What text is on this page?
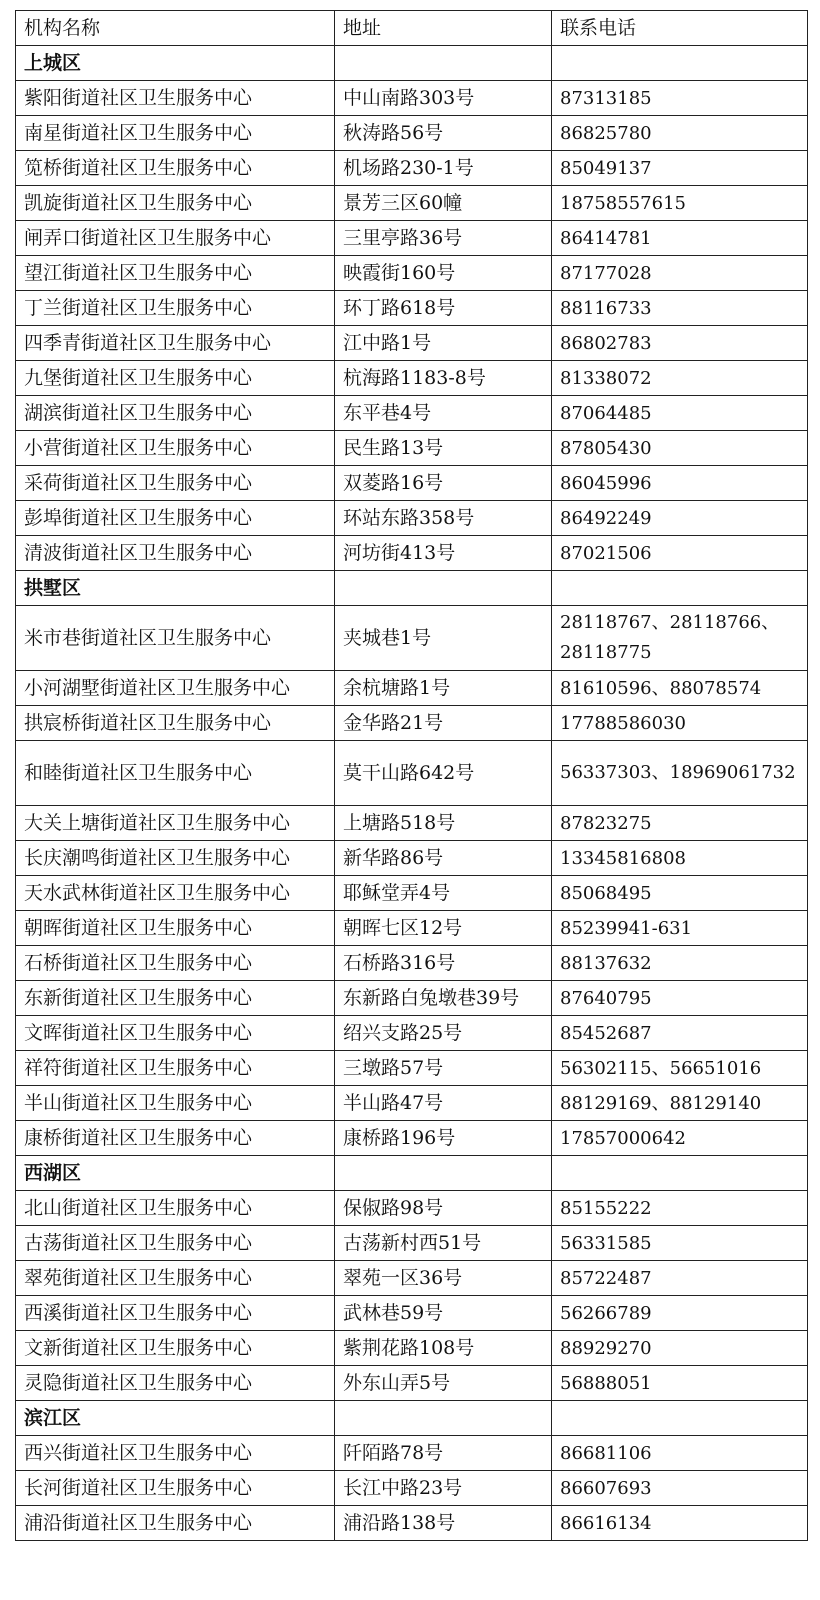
机构名称	地址	联系电话
上城区		
紫阳街道社区卫生服务中心	中山南路303号	87313185
南星街道社区卫生服务中心	秋涛路56号	86825780
笕桥街道社区卫生服务中心	机场路230-1号	85049137
凯旋街道社区卫生服务中心	景芳三区60幢	18758557615
闸弄口街道社区卫生服务中心	三里亭路36号	86414781
望江街道社区卫生服务中心	映霞街160号	87177028
丁兰街道社区卫生服务中心	环丁路618号	88116733
四季青街道社区卫生服务中心	江中路1号	86802783
九堡街道社区卫生服务中心	杭海路1183-8号	81338072
湖滨街道社区卫生服务中心	东平巷4号	87064485
小营街道社区卫生服务中心	民生路13号	87805430
采荷街道社区卫生服务中心	双菱路16号	86045996
彭埠街道社区卫生服务中心	环站东路358号	86492249
清波街道社区卫生服务中心	河坊街413号	87021506
拱墅区		
米市巷街道社区卫生服务中心	夹城巷1号	28118767、28118766、28118775
小河湖墅街道社区卫生服务中心	余杭塘路1号	81610596、88078574
拱宸桥街道社区卫生服务中心	金华路21号	17788586030
和睦街道社区卫生服务中心	莫干山路642号	56337303、18969061732
大关上塘街道社区卫生服务中心	上塘路518号	87823275
长庆潮鸣街道社区卫生服务中心	新华路86号	13345816808
天水武林街道社区卫生服务中心	耶稣堂弄4号	85068495
朝晖街道社区卫生服务中心	朝晖七区12号	85239941-631
石桥街道社区卫生服务中心	石桥路316号	88137632
东新街道社区卫生服务中心	东新路白兔墩巷39号	87640795
文晖街道社区卫生服务中心	绍兴支路25号	85452687
祥符街道社区卫生服务中心	三墩路57号	56302115、56651016
半山街道社区卫生服务中心	半山路47号	88129169、88129140
康桥街道社区卫生服务中心	康桥路196号	17857000642
西湖区		
北山街道社区卫生服务中心	保俶路98号	85155222
古荡街道社区卫生服务中心	古荡新村西51号	56331585
翠苑街道社区卫生服务中心	翠苑一区36号	85722487
西溪街道社区卫生服务中心	武林巷59号	56266789
文新街道社区卫生服务中心	紫荆花路108号	88929270
灵隐街道社区卫生服务中心	外东山弄5号	56888051
滨江区		
西兴街道社区卫生服务中心	阡陌路78号	86681106
长河街道社区卫生服务中心	长江中路23号	86607693
浦沿街道社区卫生服务中心	浦沿路138号	86616134
